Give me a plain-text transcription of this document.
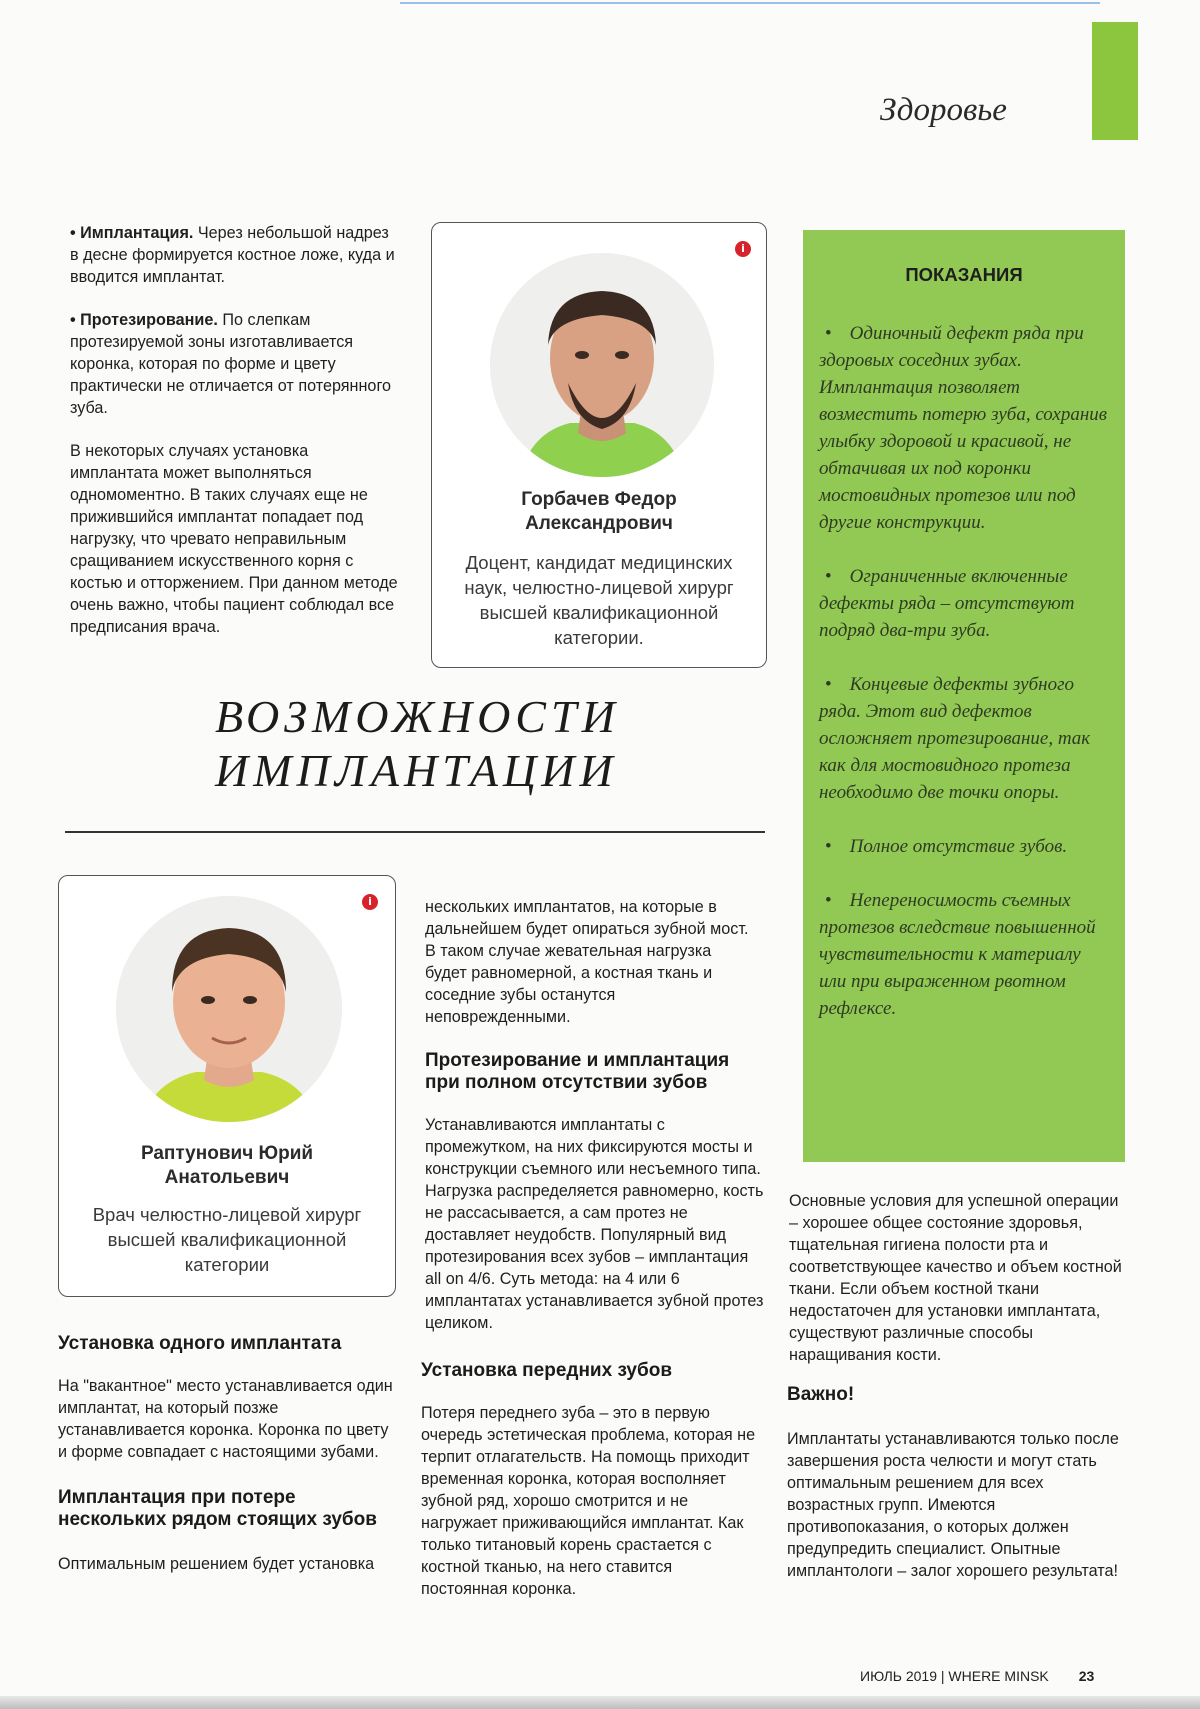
Здоровье

• Имплантация. Через небольшой надрез в десне формируется костное ложе, куда и вводится имплантат.

• Протезирование. По слепкам протезируемой зоны изготавливается коронка, которая по форме и цвету практически не отличается от потерянного зуба.

В некоторых случаях установка имплантата может выполняться одномоментно. В таких случаях еще не прижившийся имплантат попадает под нагрузку, что чревато неправильным сращиванием искусственного корня с костью и отторжением. При данном методе очень важно, чтобы пациент соблюдал все предписания врача.

i
Горбачев Федор
Александрович
Доцент, кандидат медицинских наук, челюстно-лицевой хирург высшей квалификационной категории.
ВОЗМОЖНОСТИ
ИМПЛАНТАЦИИ
i
Раптунович Юрий
Анатольевич
Врач челюстно-лицевой хирург высшей квалификационной категории
Установка одного имплантата
На "вакантное" место устанавливается один имплантат, на который позже устанавливается коронка. Коронка по цвету и форме совпадает с настоящими зубами.
Имплантация при потере нескольких рядом стоящих зубов
Оптимальным решением будет установка
нескольких имплантатов, на которые в дальнейшем будет опираться зубной мост. В таком случае жевательная нагрузка будет равномерной, а костная ткань и соседние зубы останутся неповрежденными.
Протезирование и имплантация при полном отсутствии зубов
Устанавливаются имплантаты с промежутком, на них фиксируются мосты и конструкции съемного или несъемного типа. Нагрузка распределяется равномерно, кость не рассасывается, а сам протез не доставляет неудобств. Популярный вид протезирования всех зубов – имплантация all on 4/6. Суть метода: на 4 или 6 имплантатах устанавливается зубной протез целиком.
Установка передних зубов
Потеря переднего зуба – это в первую очередь эстетическая проблема, которая не терпит отлагательств. На помощь приходит временная коронка, которая восполняет зубной ряд, хорошо смотрится и не нагружает приживающийся имплантат. Как только титановый корень срастается с костной тканью, на него ставится постоянная коронка.
ПОКАЗАНИЯ
• Одиночный дефект ряда при здоровых соседних зубах. Имплантация позволяет возместить потерю зуба, сохранив улыбку здоровой и красивой, не обтачивая их под коронки мостовидных протезов или под другие конструкции.
• Ограниченные включенные дефекты ряда – отсутствуют подряд два-три зуба.
• Концевые дефекты зубного ряда. Этот вид дефектов осложняет протезирование, так как для мостовидного протеза необходимо две точки опоры.
• Полное отсутствие зубов.
• Непереносимость съемных протезов вследствие повышенной чувствительности к материалу или при выраженном рвотном рефлексе.
Основные условия для успешной операции – хорошее общее состояние здоровья, тщательная гигиена полости рта и соответствующее качество и объем костной ткани. Если объем костной ткани недостаточен для установки имплантата, существуют различные способы наращивания кости.
Важно!
Имплантаты устанавливаются только после завершения роста челюсти и могут стать оптимальным решением для всех возрастных групп. Имеются противопоказания, о которых должен предупредить специалист. Опытные имплантологи – залог хорошего результата!
ИЮЛЬ 2019 | WHERE MINSK 23
